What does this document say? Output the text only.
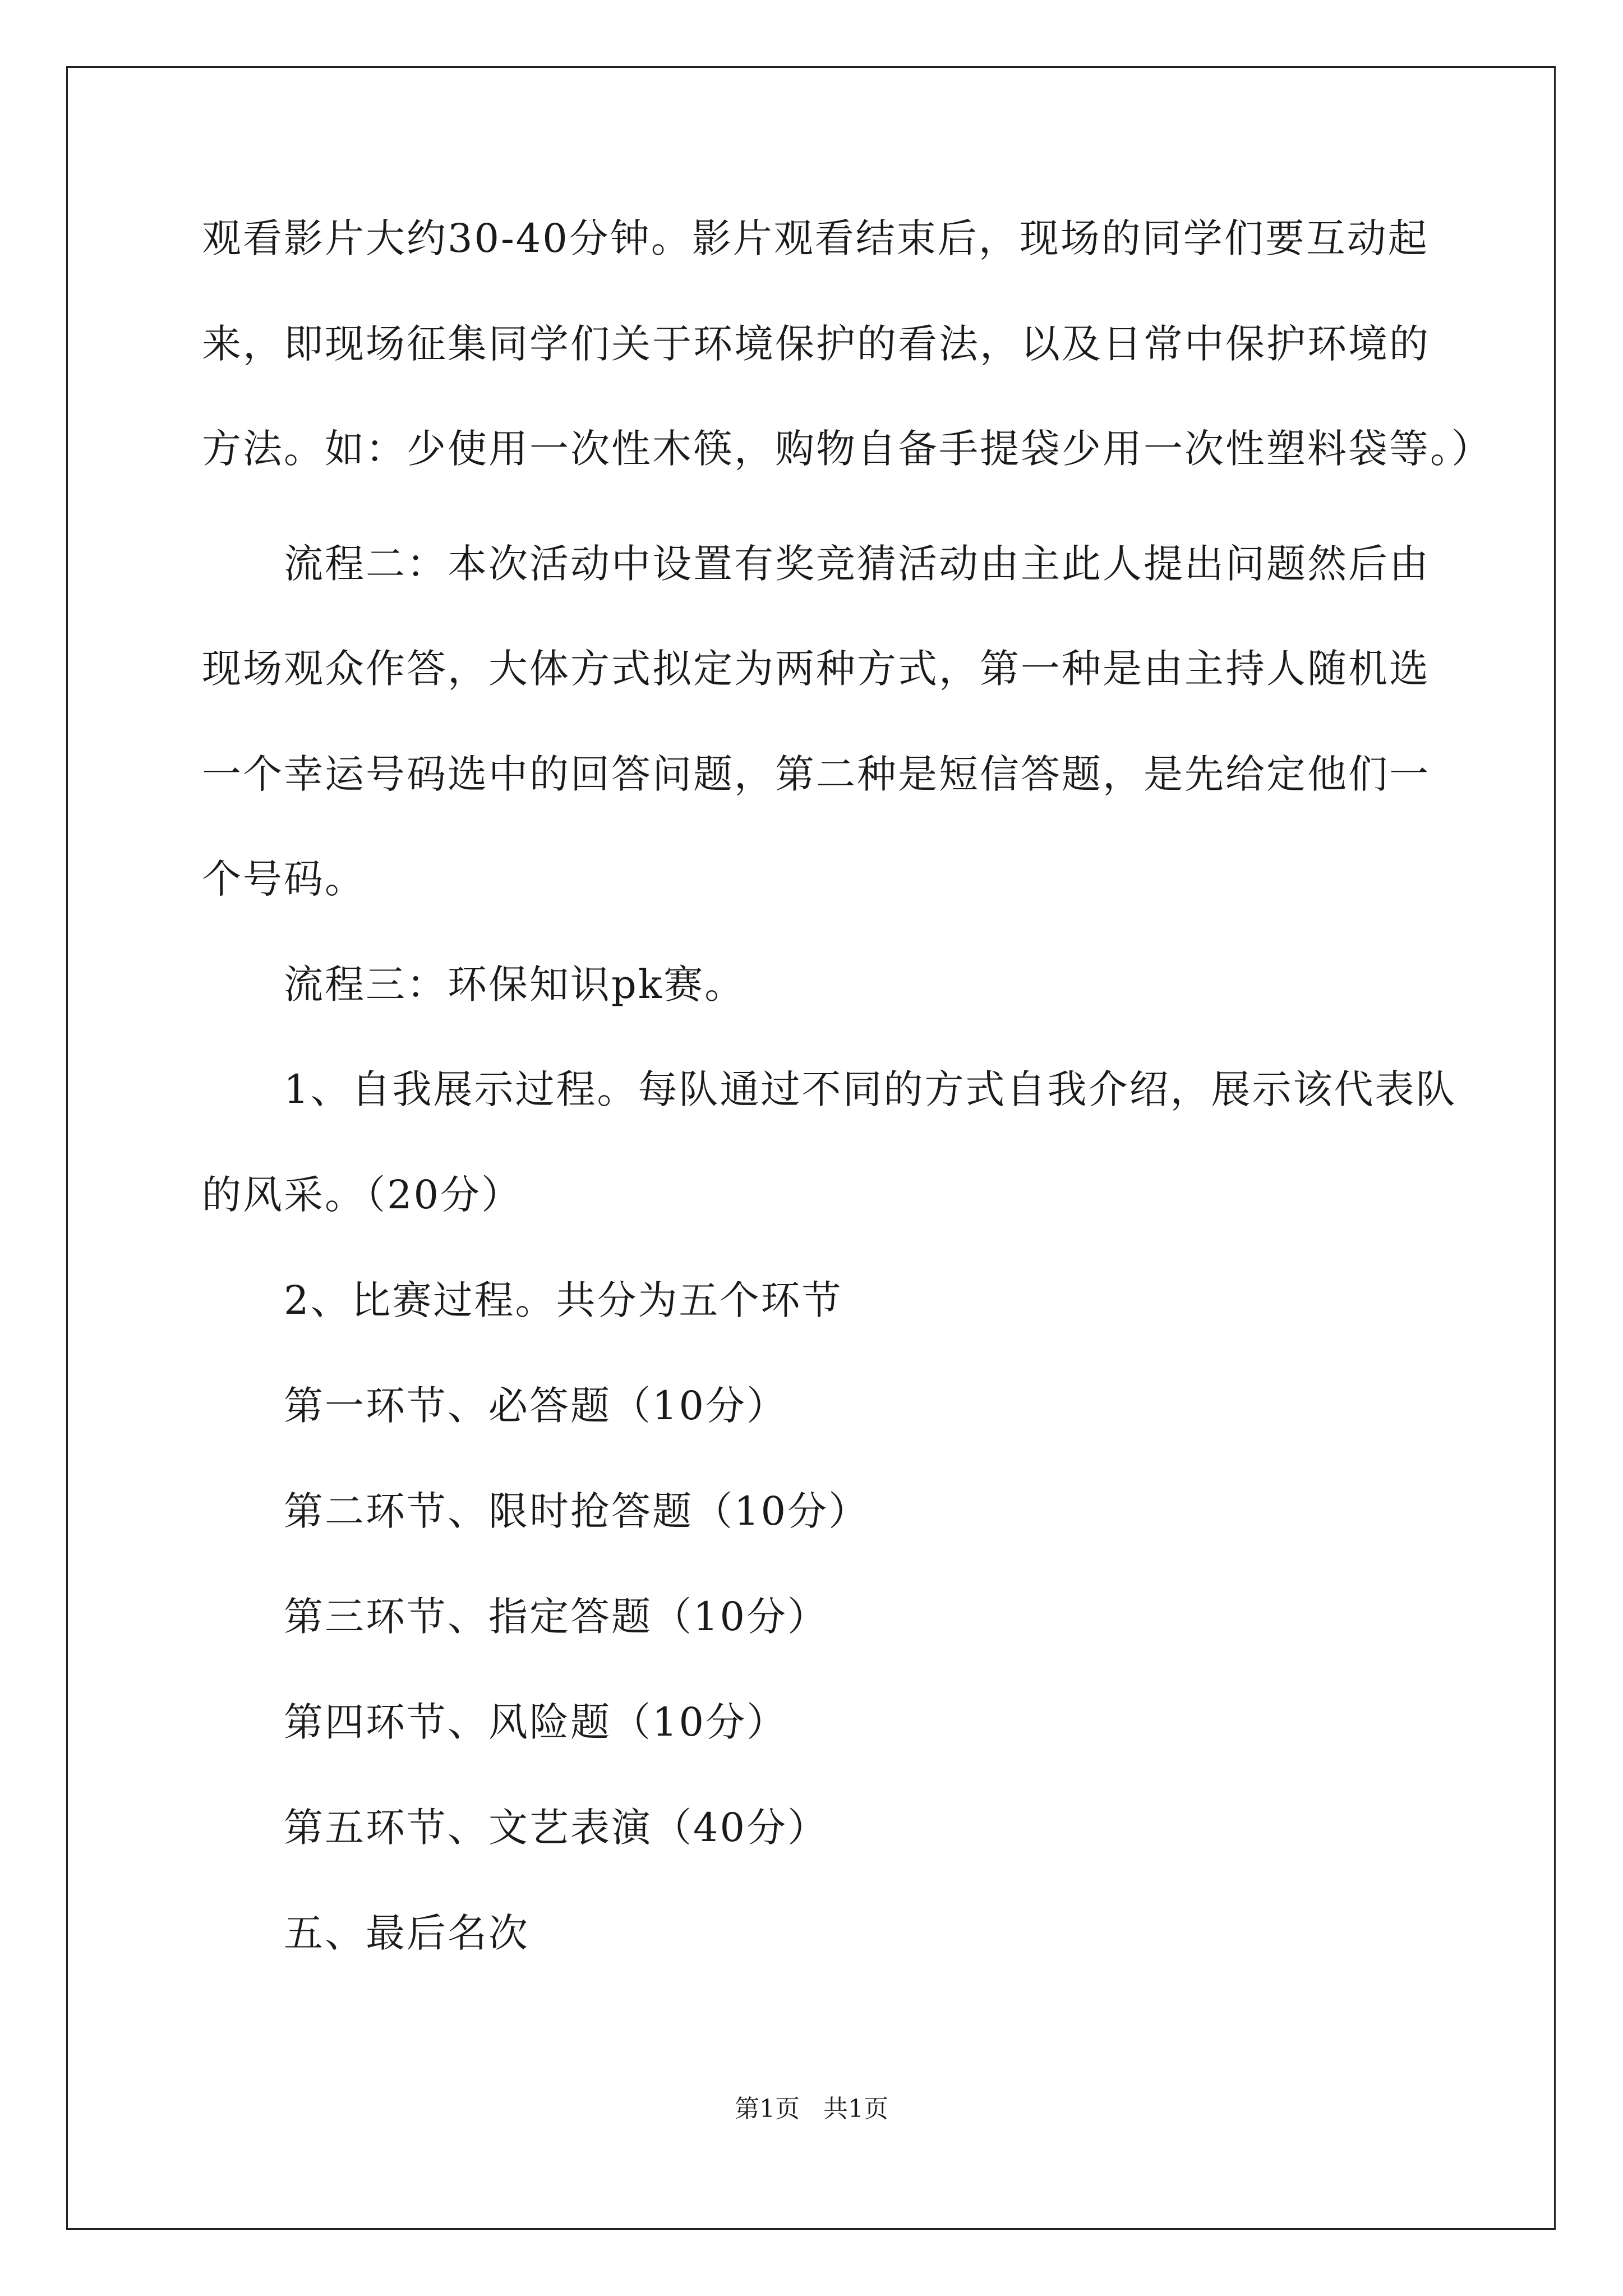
观看影片大约30-40分钟。影片观看结束后，现场的同学们要互动起
来，即现场征集同学们关于环境保护的看法，以及日常中保护环境的
方法。如：少使用一次性木筷，购物自备手提袋少用一次性塑料袋等。）
流程二：本次活动中设置有奖竞猜活动由主此人提出问题然后由
现场观众作答，大体方式拟定为两种方式，第一种是由主持人随机选
一个幸运号码选中的回答问题，第二种是短信答题，是先给定他们一
个号码。
流程三：环保知识pk赛。
1、自我展示过程。每队通过不同的方式自我介绍，展示该代表队
的风采。（20分）
2、比赛过程。共分为五个环节
第一环节、必答题（10分）
第二环节、限时抢答题（10分）
第三环节、指定答题（10分）
第四环节、风险题（10分）
第五环节、文艺表演（40分）
五、最后名次
第1页   共1页
